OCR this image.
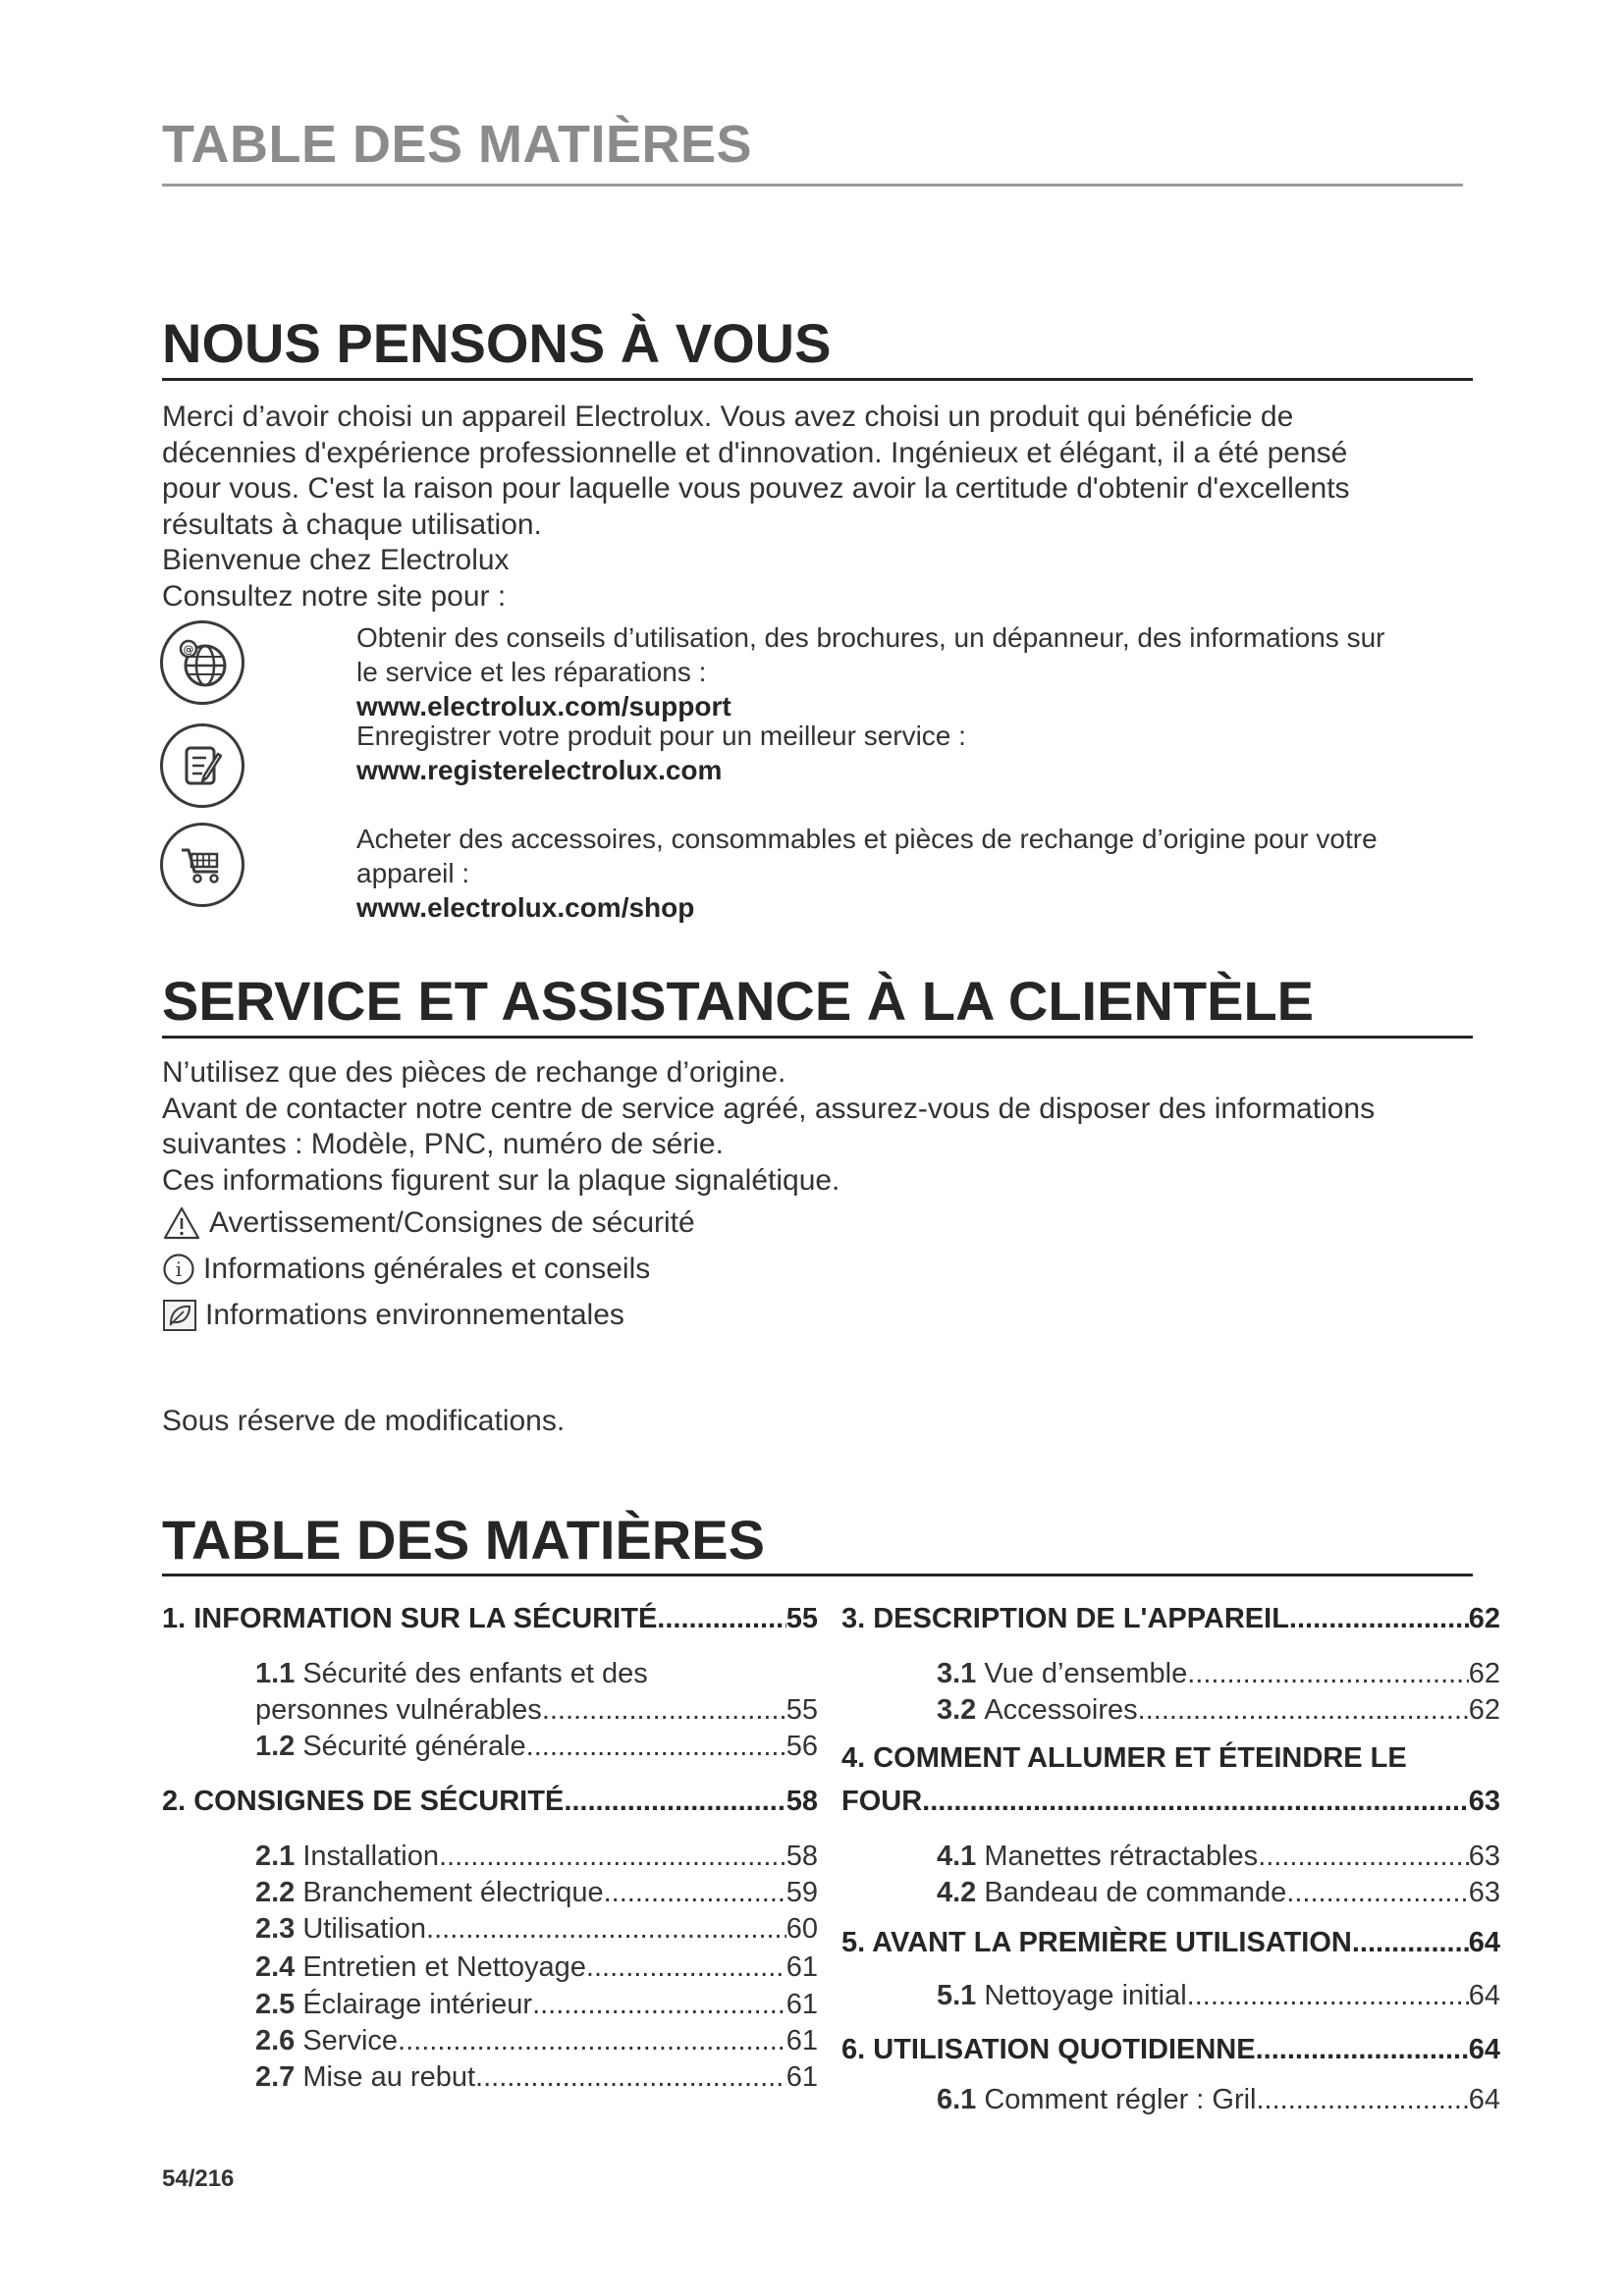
TABLE DES MATIÈRES
NOUS PENSONS À VOUS
Merci d’avoir choisi un appareil Electrolux. Vous avez choisi un produit qui bénéficie de
décennies d'expérience professionnelle et d'innovation. Ingénieux et élégant, il a été pensé
pour vous. C'est la raison pour laquelle vous pouvez avoir la certitude d'obtenir d'excellents
résultats à chaque utilisation.
Bienvenue chez Electrolux
Consultez notre site pour :
@	Obtenir des conseils d’utilisation, des brochures, un dépanneur, des informations sur
le service et les réparations :
www.electrolux.com/support
Enregistrer votre produit pour un meilleur service :
www.registerelectrolux.com
Acheter des accessoires, consommables et pièces de rechange d’origine pour votre
appareil :
www.electrolux.com/shop
SERVICE ET ASSISTANCE À LA CLIENTÈLE
N’utilisez que des pièces de rechange d’origine.
Avant de contacter notre centre de service agréé, assurez-vous de disposer des informations
suivantes : Modèle, PNC, numéro de série.
Ces informations figurent sur la plaque signalétique.
Avertissement/Consignes de sécurité
i Informations générales et conseils
Informations environnementales
Sous réserve de modifications.
TABLE DES MATIÈRES
1. INFORMATION SUR LA SÉCURITÉ .....	55
1.1 Sécurité des enfants et des
personnes vulnérables .....	55
1.2 Sécurité générale .....	56
2. CONSIGNES DE SÉCURITÉ .....	58
2.1 Installation .....	58
2.2 Branchement électrique .....	59
2.3 Utilisation .....	60
2.4 Entretien et Nettoyage .....	61
2.5 Éclairage intérieur .....	61
2.6 Service .....	61
2.7 Mise au rebut .....	61
3. DESCRIPTION DE L'APPAREIL .....	62
3.1 Vue d’ensemble .....	62
3.2 Accessoires .....	62
4. COMMENT ALLUMER ET ÉTEINDRE LE
FOUR .....	63
4.1 Manettes rétractables .....	63
4.2 Bandeau de commande .....	63
5. AVANT LA PREMIÈRE UTILISATION .....	64
5.1 Nettoyage initial .....	64
6. UTILISATION QUOTIDIENNE .....	64
6.1 Comment régler : Gril .....	64
54/216
